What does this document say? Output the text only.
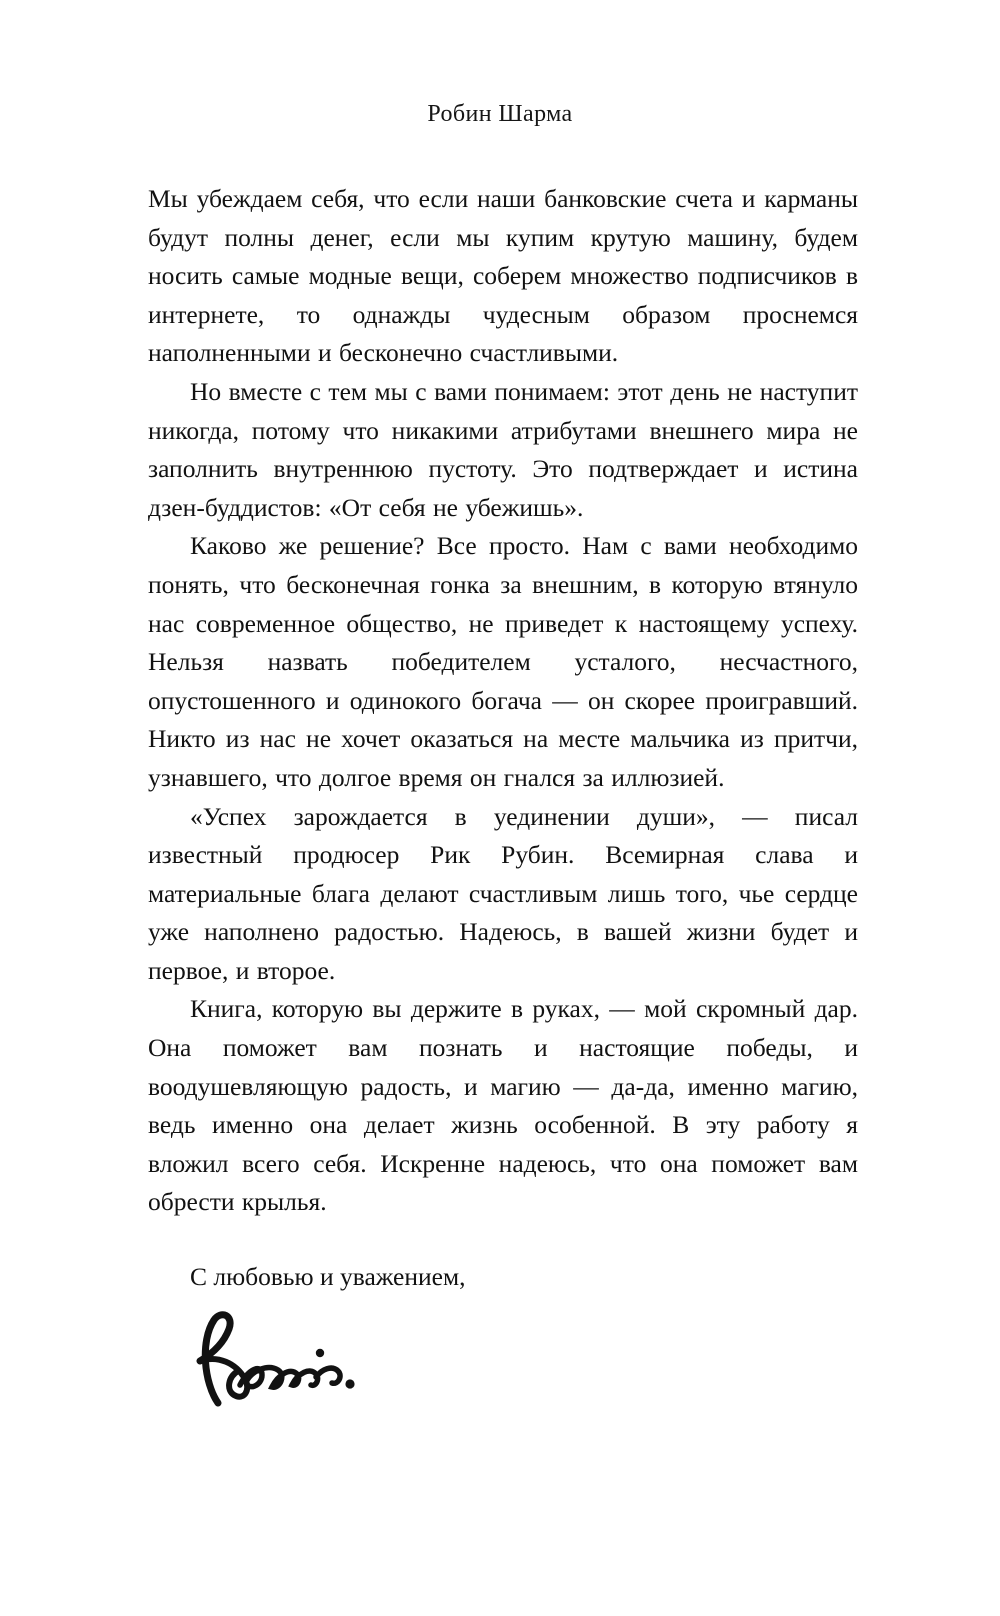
Робин Шарма

Мы убеждаем себя, что если наши банковские счета и карманы будут полны денег, если мы купим крутую машину, будем носить самые модные вещи, соберем множество подписчиков в интернете, то однажды чудесным образом проснемся наполненными и бесконечно счастливыми.

Но вместе с тем мы с вами понимаем: этот день не наступит никогда, потому что никакими атрибутами внешнего мира не заполнить внутреннюю пустоту. Это подтверждает и истина дзен-буддистов: «От себя не убежишь».

Каково же решение? Все просто. Нам с вами необходимо понять, что бесконечная гонка за внешним, в которую втянуло нас современное общество, не приведет к настоящему успеху. Нельзя назвать победителем усталого, несчастного, опустошенного и одинокого богача — он скорее проигравший. Никто из нас не хочет оказаться на месте мальчика из притчи, узнавшего, что долгое время он гнался за иллюзией.

«Успех зарождается в уединении души», — писал известный продюсер Рик Рубин. Всемирная слава и материальные блага делают счастливым лишь того, чье сердце уже наполнено радостью. Надеюсь, в вашей жизни будет и первое, и второе.

Книга, которую вы держите в руках, — мой скромный дар. Она поможет вам познать и настоящие победы, и воодушевляющую радость, и магию — да-да, именно магию, ведь именно она делает жизнь особенной. В эту работу я вложил всего себя. Искренне надеюсь, что она поможет вам обрести крылья.

С любовью и уважением,
